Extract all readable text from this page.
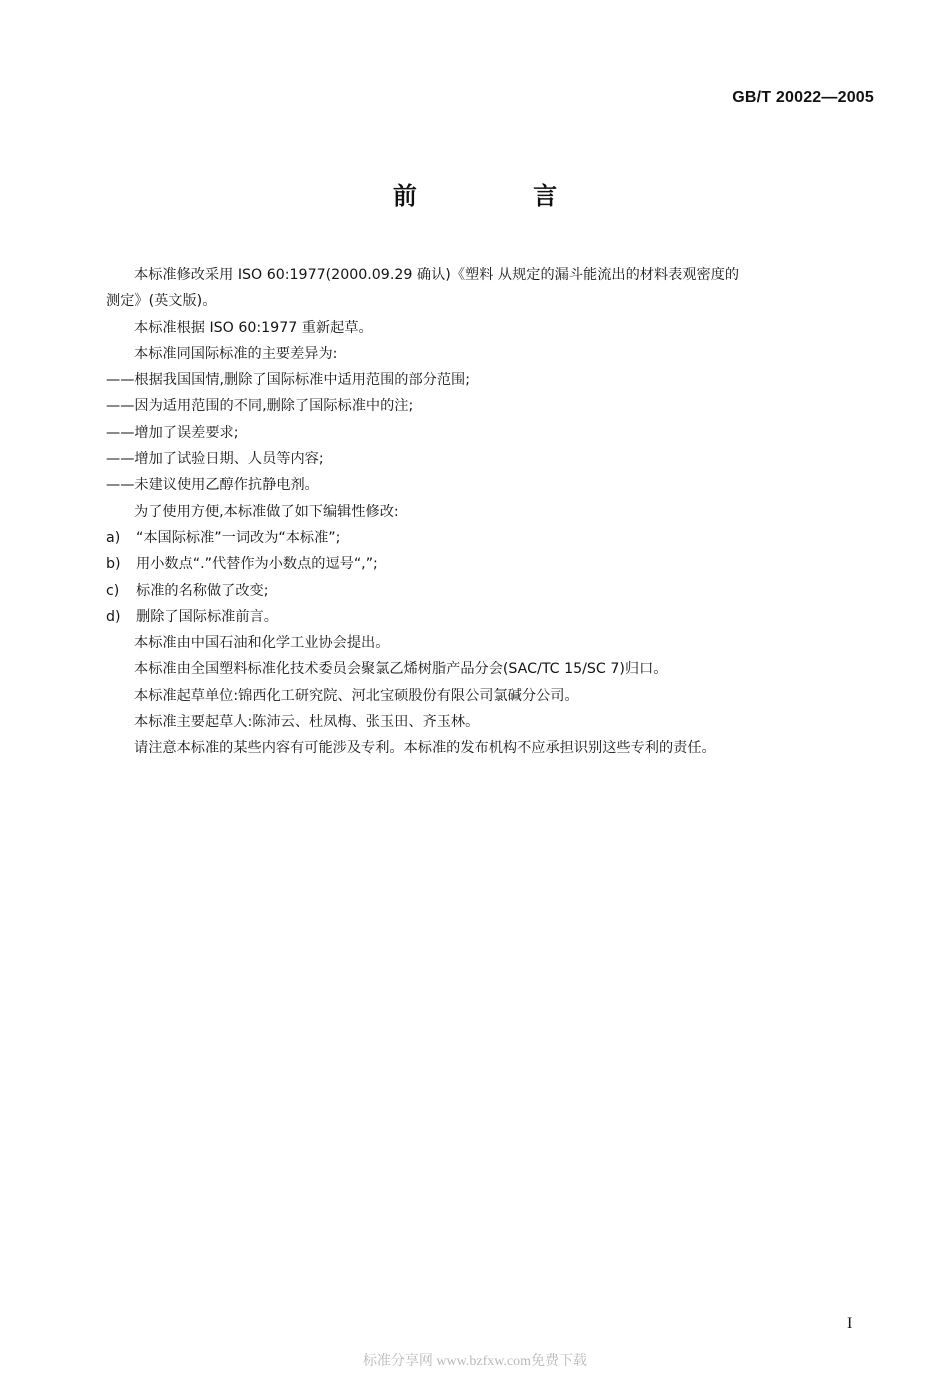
GB/T 20022—2005
前 言

本标准修改采用 ISO 60:1977(2000.09.29 确认)《塑料 从规定的漏斗能流出的材料表观密度的

测定》(英文版)。

本标准根据 ISO 60:1977 重新起草。

本标准同国际标准的主要差异为:

——根据我国国情,删除了国际标准中适用范围的部分范围;

——因为适用范围的不同,删除了国际标准中的注;

——增加了误差要求;

——增加了试验日期、人员等内容;

——未建议使用乙醇作抗静电剂。

为了使用方便,本标准做了如下编辑性修改:

a) “本国际标准”一词改为“本标准”;

b) 用小数点“.”代替作为小数点的逗号“,”;

c) 标准的名称做了改变;

d) 删除了国际标准前言。

本标准由中国石油和化学工业协会提出。

本标准由全国塑料标准化技术委员会聚氯乙烯树脂产品分会(SAC/TC 15/SC 7)归口。

本标准起草单位:锦西化工研究院、河北宝硕股份有限公司氯碱分公司。

本标准主要起草人:陈沛云、杜凤梅、张玉田、齐玉林。

请注意本标准的某些内容有可能涉及专利。本标准的发布机构不应承担识别这些专利的责任。

I
标准分享网 www.bzfxw.com免费下载
